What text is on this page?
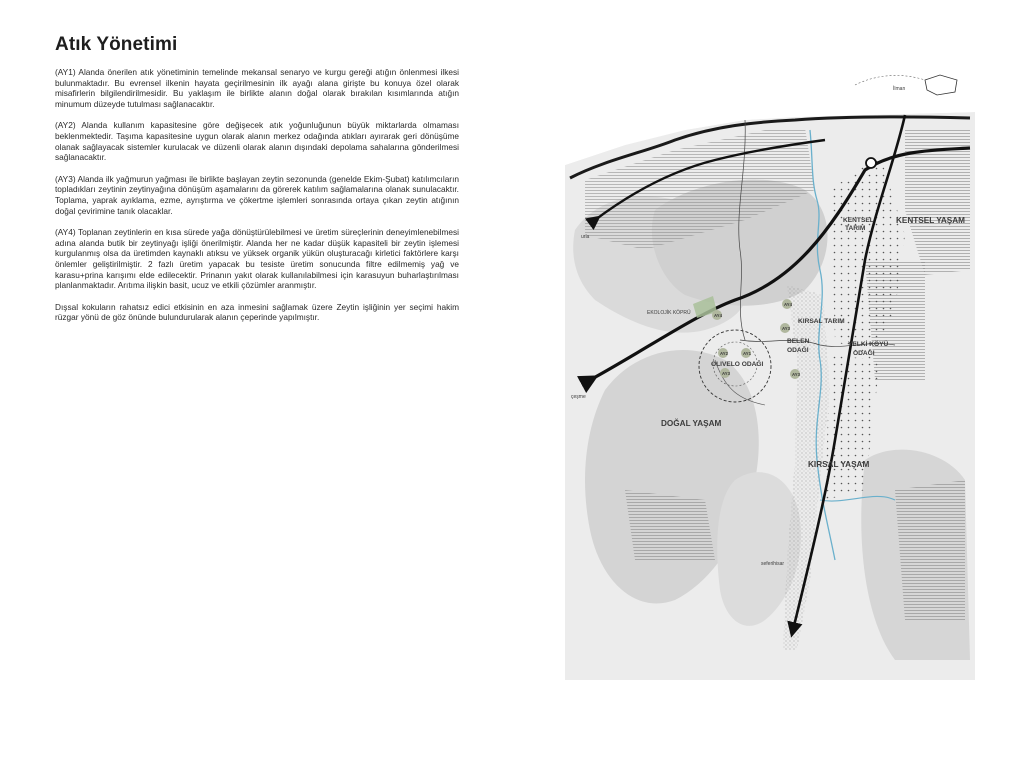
Atık Yönetimi

(AY1) Alanda önerilen atık yönetiminin temelinde mekansal senaryo ve kurgu gereği atığın önlenmesi ilkesi bulunmaktadır. Bu evrensel ilkenin hayata geçirilmesinin ilk ayağı alana girişte bu konuya özel olarak misafirlerin bilgilendirilmesidir. Bu yaklaşım ile birlikte alanın doğal olarak bırakılan kısımlarında atığın minumum düzeyde tutulması sağlanacaktır.

(AY2) Alanda kullanım kapasitesine göre değişecek atık yoğunluğunun büyük miktarlarda olmaması beklenmektedir. Taşıma kapasitesine uygun olarak alanın merkez odağında atıkları ayırarak geri dönüşüme olanak sağlayacak sistemler kurulacak ve düzenli olarak alanın dışındaki depolama sahalarına gönderilmesi sağlanacaktır.

(AY3) Alanda ilk yağmurun yağması ile birlikte başlayan zeytin sezonunda (genelde Ekim-Şubat) katılımcıların topladıkları zeytinin zeytinyağına dönüşüm aşamalarını da görerek katılım sağlamalarına olanak sunulacaktır. Toplama, yaprak ayıklama, ezme, ayrıştırma ve çökertme işlemleri sonrasında ortaya çıkan zeytin atığının doğal çevirimine tanık olacaklar.

(AY4) Toplanan zeytinlerin en kısa sürede yağa dönüştürülebilmesi ve üretim süreçlerinin deneyimlenebilmesi adına alanda butik bir zeytinyağı işliği önerilmiştir. Alanda her ne kadar düşük kapasiteli bir zeytin işlemesi kurgulanmış olsa da üretimden kaynaklı atıksu ve yüksek organik yükün oluşturacağı kirletici faktörlere karşı önlemler geliştirilmiştir. 2 fazlı üretim yapacak bu tesiste üretim sonucunda filtre edilmemiş yağ ve karasu+prina karışımı elde edilecektir. Prinanın yakıt olarak kullanılabilmesi için karasuyun buharlaştırılması planlanmaktadır. Arıtıma ilişkin basit, ucuz ve etkili çözümler aranmıştır.

Dışsal kokuların rahatsız edici etkisinin en aza inmesini sağlamak üzere Zeytin işliğinin yer seçimi hakim rüzgar yönü de göz önünde bulundurularak alanın çeperinde yapılmıştır.	AY4
AY4
AY3
AY2	AY1
AY3	AY3
İlman
urla
çeşme
seferihisar
KENTSEL
TARIM
KENTSEL YAŞAM
KIRSAL TARIM
EKOLOJİK KÖPRÜ
BELEN
ODAĞI
YELKİ KÖYÜ
ODAĞI
OLIVELO ODAĞI
DOĞAL YAŞAM
KIRSAL YAŞAM
